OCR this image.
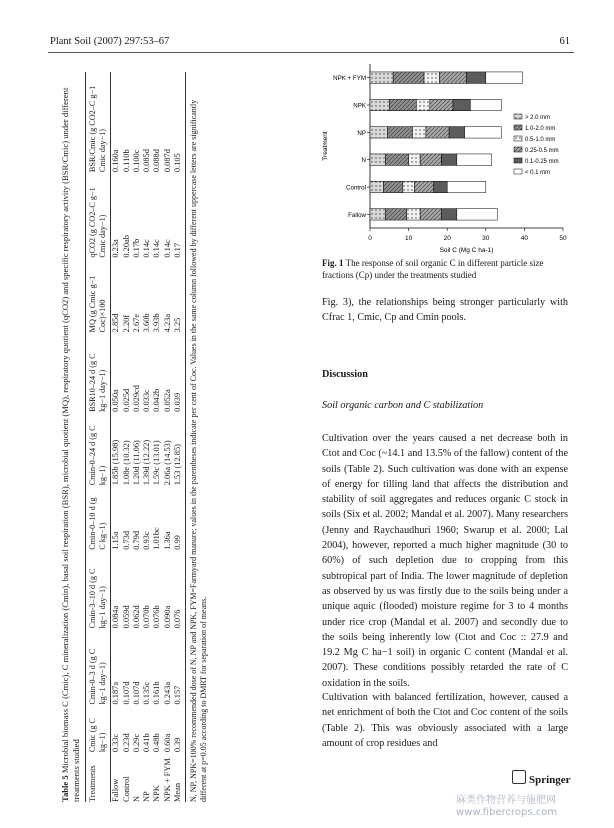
Plant Soil (2007) 297:53–67	61
Table 5 Microbial biomass C (Cmic), C mineralization (Cmin), basal soil respiration (BSR), microbial quotient (MQ), respiratory quotient (qCO2) and specific respiratory activity (BSR/Cmic) under different treatments studied Treatments	Cmic (g C kg−1)	Cmin-0–3 d (g C kg−1 day−1)	Cmin-3–10 d (g C kg−1 day−1)	Cmin-0–10 d (g C kg−1)	Cmin-0–24 d (g C kg−1)	BSR10–24 d (g C kg−1 day−1)	MQ (g Cmic g−1 Coc)×100	qCO2 (g CO2–C g−1 Cmic day−1)	BSR/Cmic (g CO2–C g−1 Cmic day−1)
Fallow	0.33c	0.187a	0.084a	1.15a	1.85b (15.98)	0.050a	2.85d	0.23a	0.160a
Control	0.23d	0.107d	0.059d	0.73d	1.08e (10.32)	0.025d	2.20f	0.20ab	0.110b
N	0.29c	0.107d	0.062d	0.79d	1.20d (11.06)	0.029cd	2.67e	0.17b	0.100c
NP	0.41b	0.135c	0.070b	0.93c	1.39d (12.22)	0.033c	3.60b	0.14c	0.085d
NPK	0.48b	0.161b	0.076b	1.01bc	1.59c (13.01)	0.042b	3.93b	0.14c	0.088d
NPK + FYM	0.60a	0.243a	0.090a	1.36a	2.06a (14.53)	0.052a	4.23a	0.14c	0.087d
Mean	0.39	0.157	0.076	0.99	1.53 (12.85)	0.039	3.25	0.17	0.105 N, NP, NPK=100% recommended dose of N, NP and NPK, FYM=Farmyard manure; values in the parentheses indicate per cent of Coc. Values in the same column followed by different uppercase letters are significantly different at p=0.05 according to DMRT for separation of means.
0	10	20	30	40	50
NPK + FYM
NPK
NP
N
Control
Fallow
> 2.0 mm
1.0-2.0 mm
0.5-1.0 mm
0.25-0.5 mm
0.1-0.25 mm
< 0.1 mm
Soil C (Mg C ha-1)
Treatment
Fig. 1 The response of soil organic C in different particle size fractions (Cp) under the treatments studied
Fig. 3), the relationships being stronger particularly with Cfrac 1, Cmic, Cp and Cmin pools.
Discussion
Soil organic carbon and C stabilization
Cultivation over the years caused a net decrease both in Ctot and Coc (~14.1 and 13.5% of the fallow) content of the soils (Table 2). Such cultivation was done with an expense of energy for tilling land that affects the distribution and stability of soil aggregates and reduces organic C stock in soils (Six et al. 2002; Mandal et al. 2007). Many researchers (Jenny and Raychaudhuri 1960; Swarup et al. 2000; Lal 2004), however, reported a much higher magnitude (30 to 60%) of such depletion due to cropping from this subtropical part of India. The lower magnitude of depletion as observed by us was firstly due to the soils being under a unique aquic (flooded) moisture regime for 3 to 4 months under rice crop (Mandal et al. 2007) and secondly due to the soils being inherently low (Ctot and Coc :: 27.9 and 19.2 Mg C ha−1 soil) in organic C content (Mandal et al. 2007). These conditions possibly retarded the rate of C oxidation in the soils.
Cultivation with balanced fertilization, however, caused a net enrichment of both the Ctot and Coc content of the soils (Table 2). This was obviously associated with a large amount of crop residues and
Springer
麻类作物营养与施肥网 www.fibercrops.com
